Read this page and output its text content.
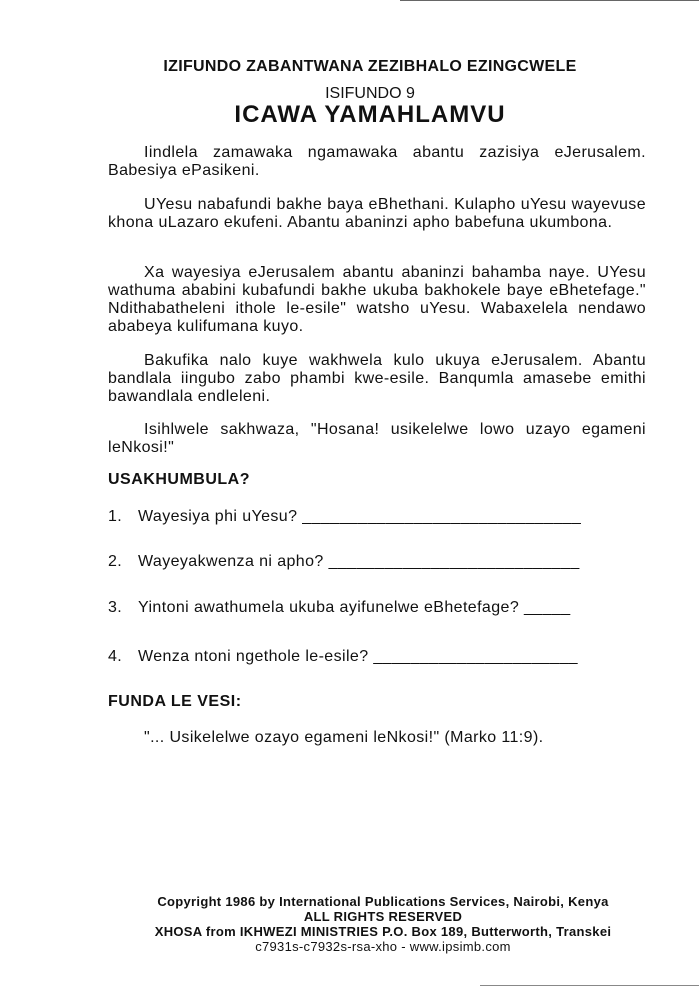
IZIFUNDO ZABANTWANA ZEZIBHALO EZINGCWELE
ISIFUNDO 9
ICAWA YAMAHLAMVU
Iindlela zamawaka ngamawaka abantu zazisiya eJerusalem. Babesiya ePasikeni.
UYesu nabafundi bakhe baya eBhethani. Kulapho uYesu wayevuse khona uLazaro ekufeni. Abantu abaninzi apho babefuna ukumbona.
Xa wayesiya eJerusalem abantu abaninzi bahamba naye. UYesu wathuma ababini kubafundi bakhe ukuba bakhokele baye eBhetefage." Ndithabatheleni ithole le-esile" watsho uYesu. Wabaxelela nendawo ababeya kulifumana kuyo.
Bakufika nalo kuye wakhwela kulo ukuya eJerusalem. Abantu bandlala iingubo zabo phambi kwe-esile. Banqumla amasebe emithi bawandlala endleleni.
Isihlwele sakhwaza, "Hosana! usikelelwe lowo uzayo egameni leNkosi!"
USAKHUMBULA?
1. Wayesiya phi uYesu? ______________________________
2. Wayeyakwenza ni apho? ___________________________
3. Yintoni awathumela ukuba ayifunelwe eBhetefage? _____
4. Wenza ntoni ngethole le-esile? ______________________
FUNDA LE VESI:
"... Usikelelwe ozayo egameni leNkosi!" (Marko 11:9).
Copyright 1986 by International Publications Services, Nairobi, Kenya
ALL RIGHTS RESERVED
XHOSA from IKHWEZI MINISTRIES P.O. Box 189, Butterworth, Transkei
c7931s-c7932s-rsa-xho - www.ipsimb.com
